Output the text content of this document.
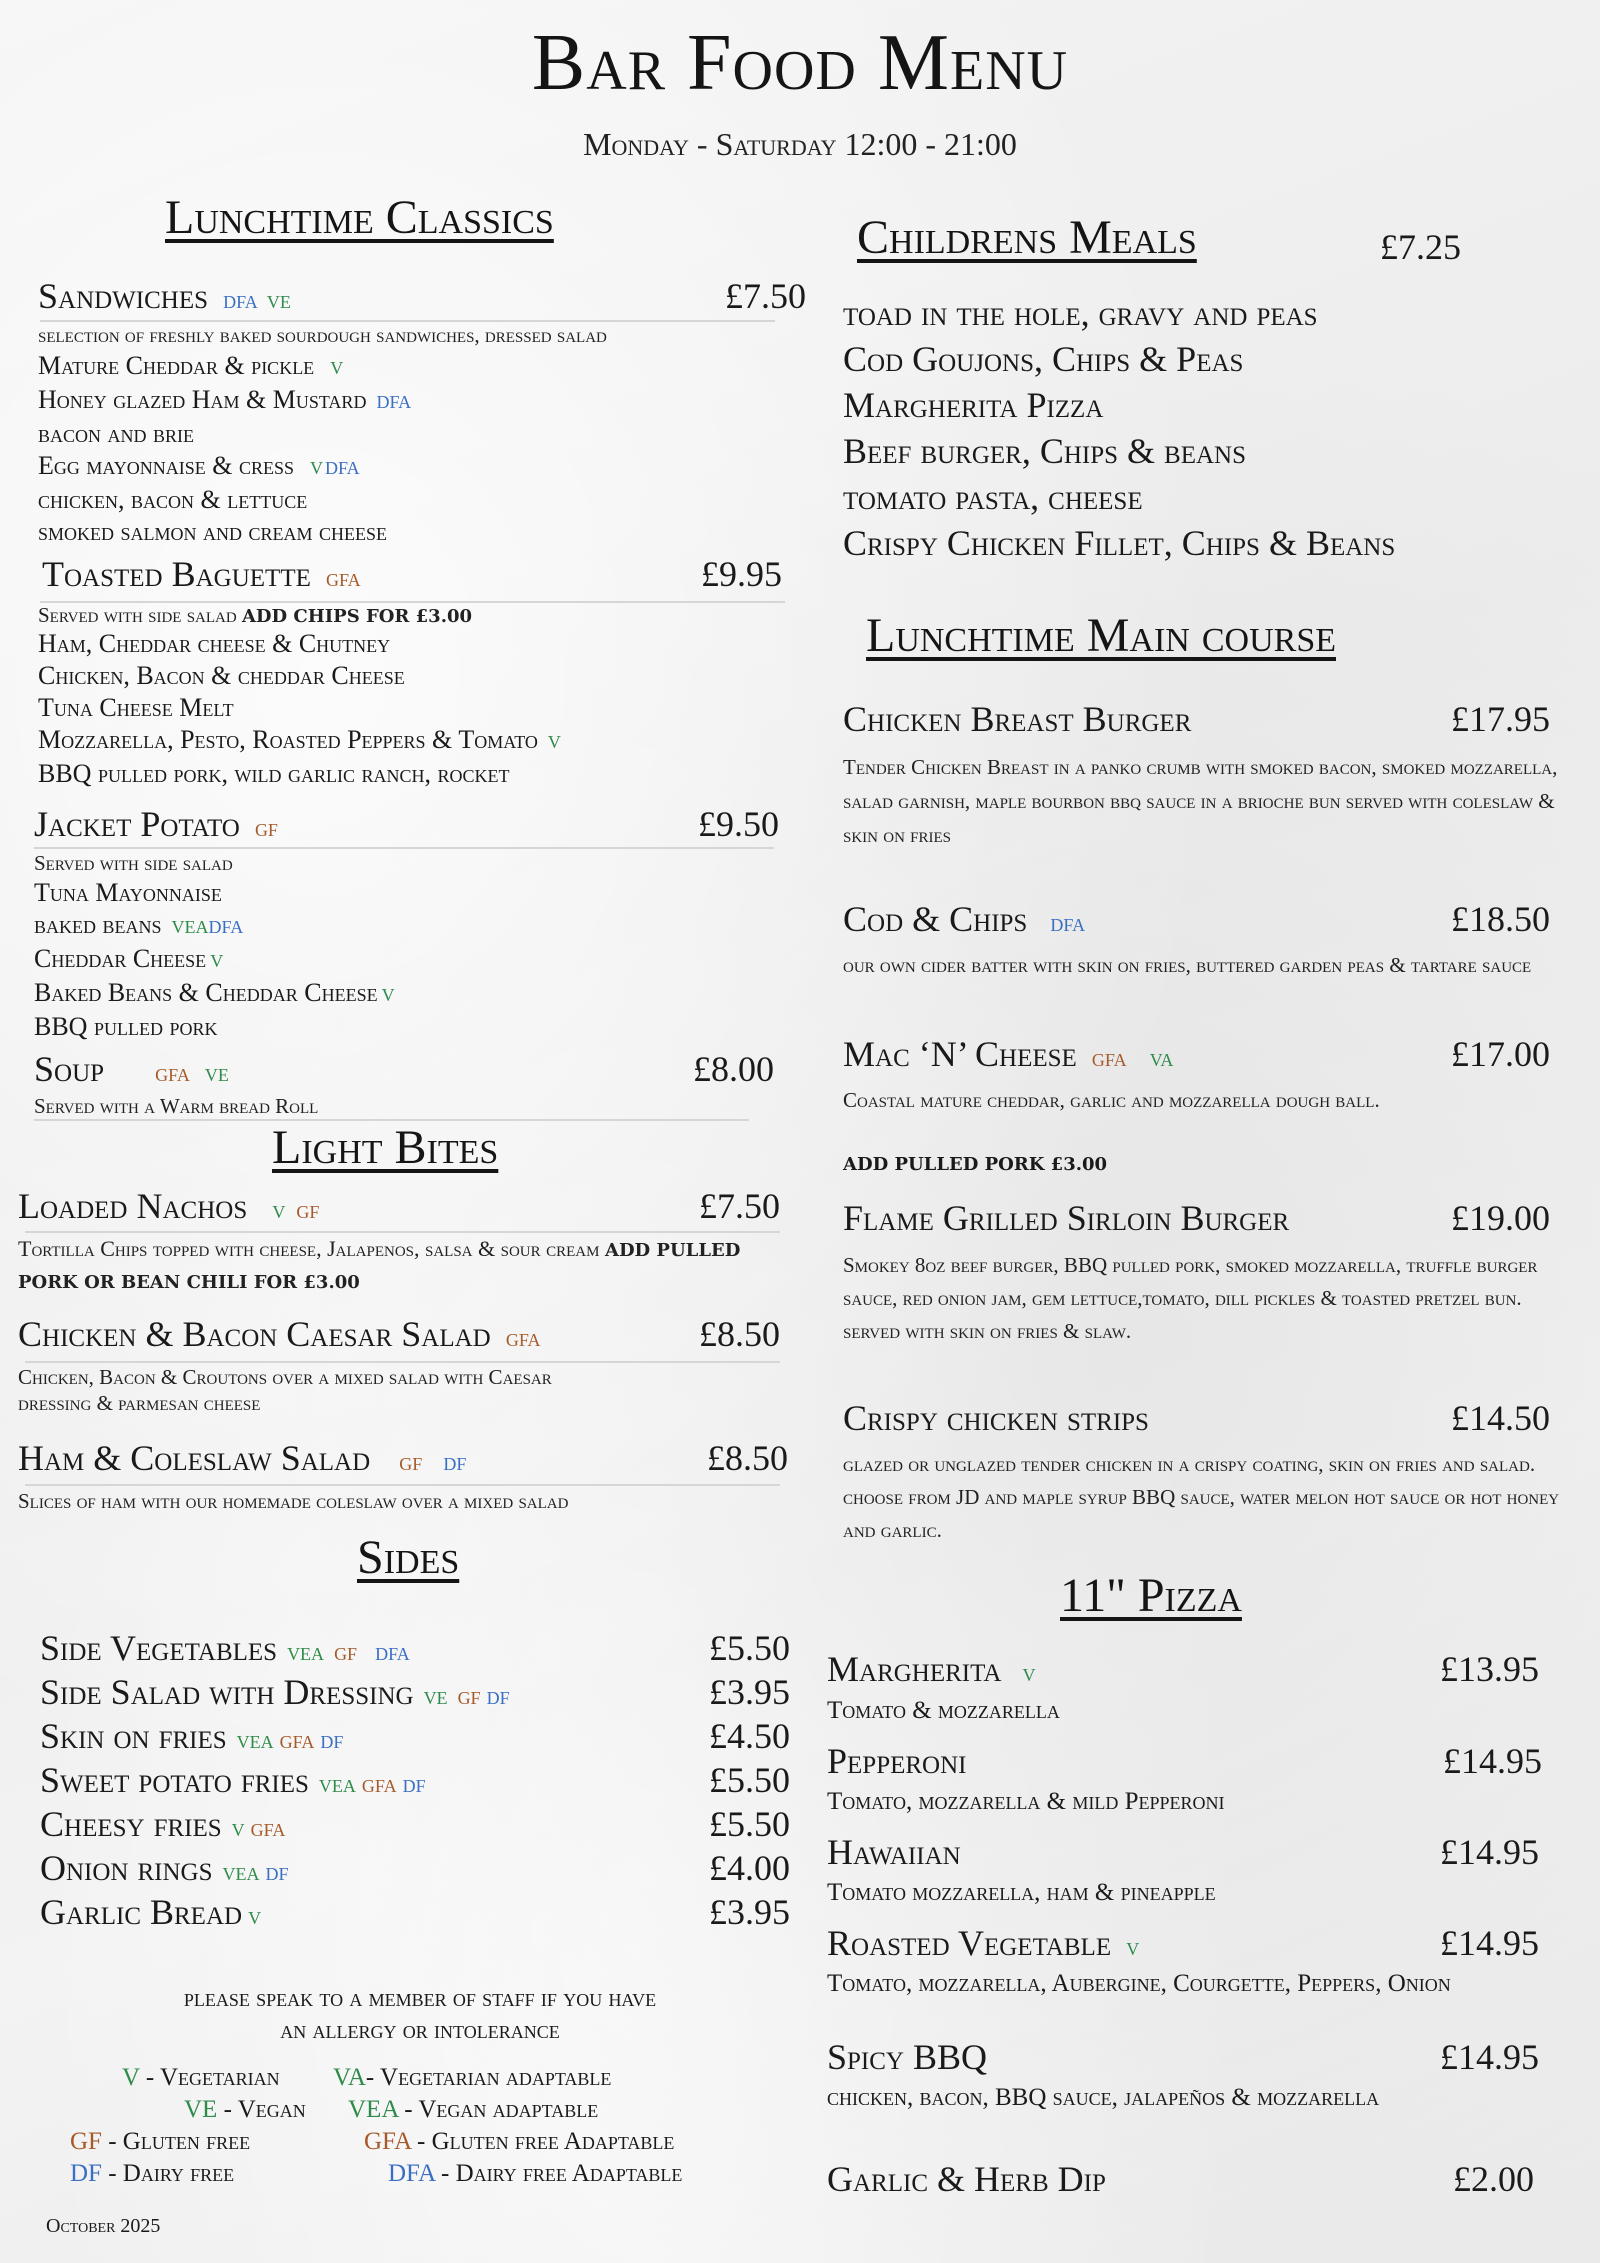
Bar Food Menu
Monday - Saturday 12:00 - 21:00
Lunchtime Classics
Sandwiches DFA VE	£7.50
selection of freshly baked sourdough sandwiches, dressed salad
Mature Cheddar & pickle V
Honey glazed Ham & Mustard DFA
bacon and brie
Egg mayonnaise & cress V DFA
chicken, bacon & lettuce
smoked salmon and cream cheese
Toasted Baguette GFA	£9.95
Served with side salad ADD CHIPS FOR £3.00
Ham, Cheddar cheese & Chutney
Chicken, Bacon & cheddar Cheese
Tuna Cheese Melt
Mozzarella, Pesto, Roasted Peppers & Tomato V
BBQ pulled pork, wild garlic ranch, rocket
Jacket Potato GF	£9.50
Served with side salad
Tuna Mayonnaise
baked beans VEADFA
Cheddar Cheese V
Baked Beans & Cheddar Cheese V
BBQ pulled pork
Soup	GFA VE	£8.00
Served with a Warm bread Roll
Light Bites
Loaded Nachos V GF	£7.50
Tortilla Chips topped with cheese, Jalapenos, salsa & sour cream ADD PULLED PORK OR BEAN CHILI FOR £3.00
Chicken & Bacon Caesar Salad GFA	£8.50
Chicken, Bacon & Croutons over a mixed salad with Caesar dressing & parmesan cheese
Ham & Coleslaw Salad GF DF	£8.50
Slices of ham with our homemade coleslaw over a mixed salad
Sides
Side Vegetables VEA GF DFA	£5.50
Side Salad with Dressing VE GF DF	£3.95
Skin on fries VEA GFA DF	£4.50
Sweet potato fries VEA GFA DF	£5.50
Cheesy fries V GFA	£5.50
Onion rings VEA DF	£4.00
Garlic Bread V	£3.95
please speak to a member of staff if you have
an allergy or intolerance
V - Vegetarian VA- Vegetarian adaptable
VE - Vegan VEA - Vegan adaptable
GF - Gluten free	GFA - Gluten free Adaptable
DF - Dairy free	DFA - Dairy free Adaptable
October 2025
Childrens Meals	£7.25
toad in the hole, gravy and peas
Cod Goujons, Chips & Peas
Margherita Pizza
Beef burger, Chips & beans
tomato pasta, cheese
Crispy Chicken Fillet, Chips & Beans
Lunchtime Main course
Chicken Breast Burger	£17.95
Tender Chicken Breast in a panko crumb with smoked bacon, smoked mozzarella, salad garnish, maple bourbon bbq sauce in a brioche bun served with coleslaw & skin on fries
Cod & Chips DFA	£18.50
our own cider batter with skin on fries, buttered garden peas & tartare sauce
Mac ‘N’ Cheese GFA VA	£17.00
Coastal mature cheddar, garlic and mozzarella dough ball.
ADD PULLED PORK £3.00
Flame Grilled Sirloin Burger	£19.00
Smokey 8oz beef burger, BBQ pulled pork, smoked mozzarella, truffle burger sauce, red onion jam, gem lettuce,tomato, dill pickles & toasted pretzel bun. served with skin on fries & slaw.
Crispy chicken strips	£14.50
glazed or unglazed tender chicken in a crispy coating, skin on fries and salad. choose from JD and maple syrup BBQ sauce, water melon hot sauce or hot honey and garlic.
11" Pizza
Margherita V	£13.95
Tomato & mozzarella
Pepperoni	£14.95
Tomato, mozzarella & mild Pepperoni
Hawaiian	£14.95
Tomato mozzarella, ham & pineapple
Roasted Vegetable V	£14.95
Tomato, mozzarella, Aubergine, Courgette, Peppers, Onion
Spicy BBQ	£14.95
chicken, bacon, BBQ sauce, jalapeños & mozzarella
Garlic & Herb Dip	£2.00
